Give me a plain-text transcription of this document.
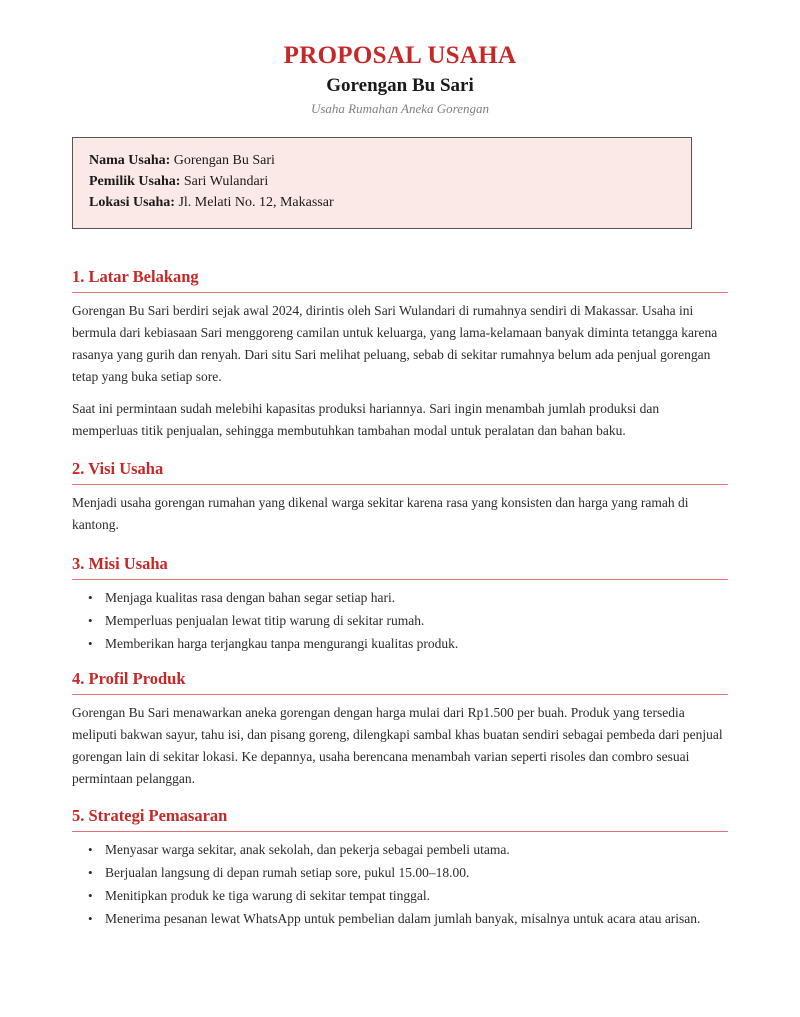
PROPOSAL USAHA
Gorengan Bu Sari
Usaha Rumahan Aneka Gorengan
Nama Usaha: Gorengan Bu Sari
Pemilik Usaha: Sari Wulandari
Lokasi Usaha: Jl. Melati No. 12, Makassar
1. Latar Belakang

Gorengan Bu Sari berdiri sejak awal 2024, dirintis oleh Sari Wulandari di rumahnya sendiri di Makassar. Usaha ini bermula dari kebiasaan Sari menggoreng camilan untuk keluarga, yang lama-kelamaan banyak diminta tetangga karena rasanya yang gurih dan renyah. Dari situ Sari melihat peluang, sebab di sekitar rumahnya belum ada penjual gorengan tetap yang buka setiap sore.

Saat ini permintaan sudah melebihi kapasitas produksi hariannya. Sari ingin menambah jumlah produksi dan memperluas titik penjualan, sehingga membutuhkan tambahan modal untuk peralatan dan bahan baku.

2. Visi Usaha

Menjadi usaha gorengan rumahan yang dikenal warga sekitar karena rasa yang konsisten dan harga yang ramah di kantong.

3. Misi Usaha
• Menjaga kualitas rasa dengan bahan segar setiap hari.
• Memperluas penjualan lewat titip warung di sekitar rumah.
• Memberikan harga terjangkau tanpa mengurangi kualitas produk.
4. Profil Produk

Gorengan Bu Sari menawarkan aneka gorengan dengan harga mulai dari Rp1.500 per buah. Produk yang tersedia meliputi bakwan sayur, tahu isi, dan pisang goreng, dilengkapi sambal khas buatan sendiri sebagai pembeda dari penjual gorengan lain di sekitar lokasi. Ke depannya, usaha berencana menambah varian seperti risoles dan combro sesuai permintaan pelanggan.

5. Strategi Pemasaran
• Menyasar warga sekitar, anak sekolah, dan pekerja sebagai pembeli utama.
• Berjualan langsung di depan rumah setiap sore, pukul 15.00–18.00.
• Menitipkan produk ke tiga warung di sekitar tempat tinggal.
• Menerima pesanan lewat WhatsApp untuk pembelian dalam jumlah banyak, misalnya untuk acara atau arisan.
